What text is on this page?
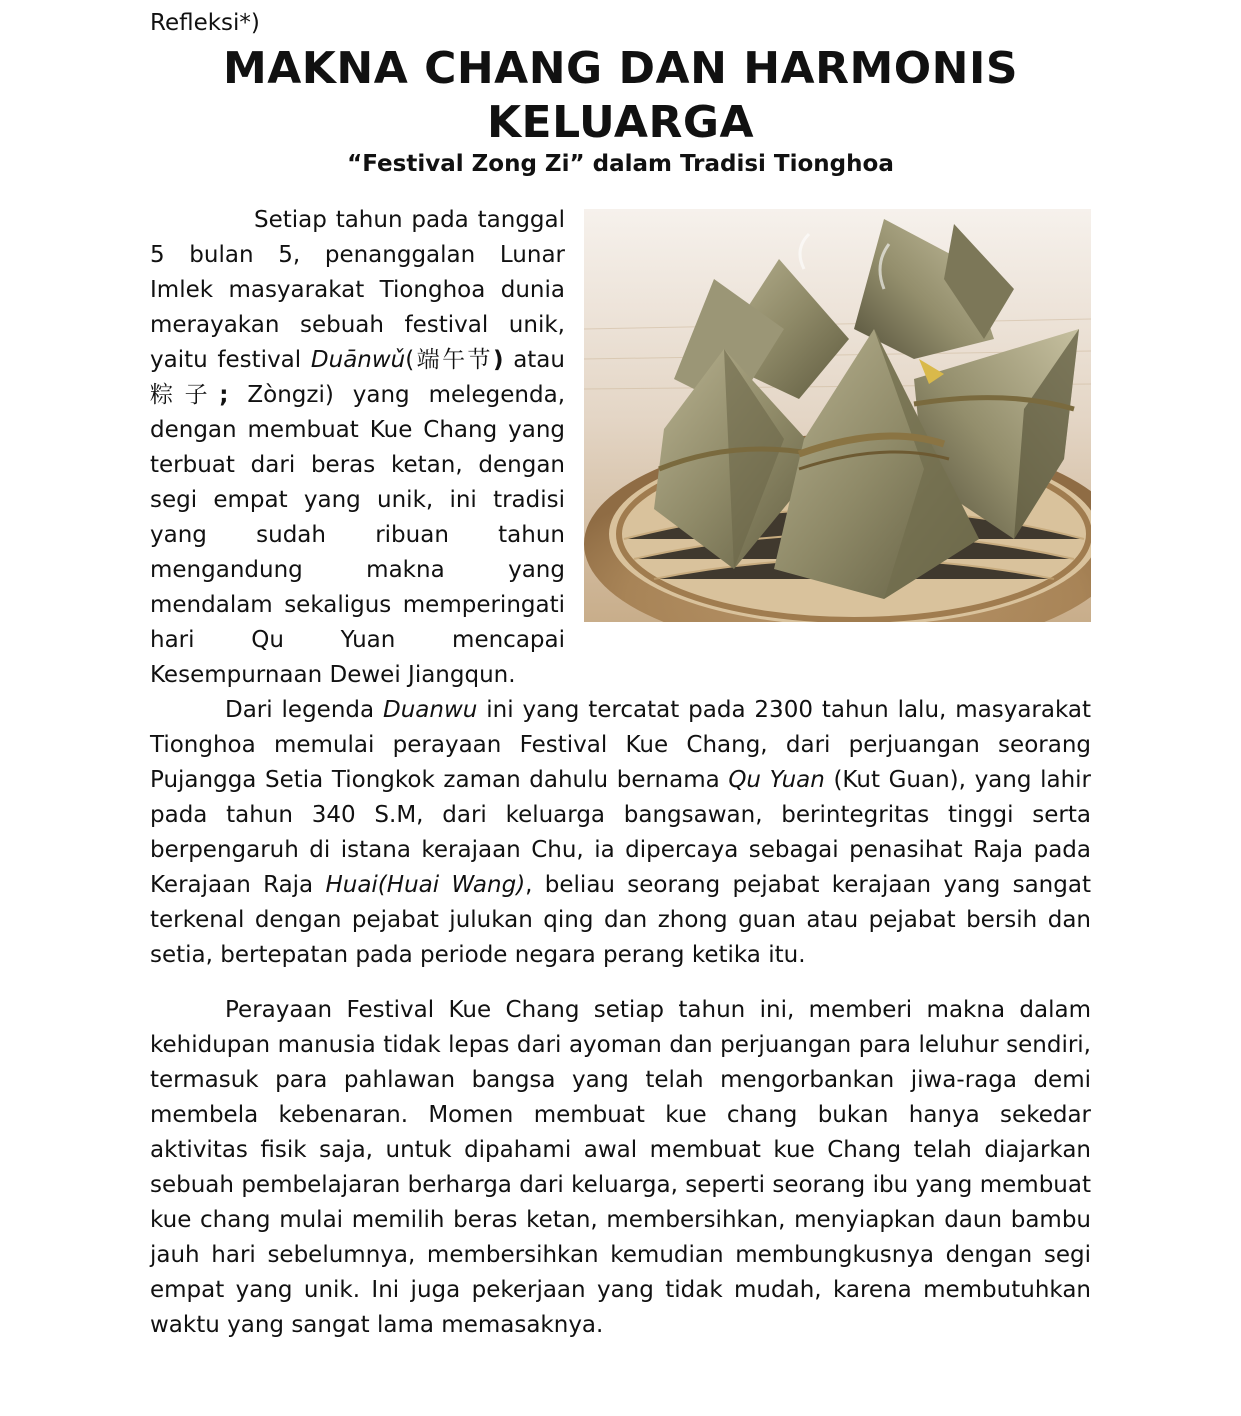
Refleksi*)
MAKNA CHANG DAN HARMONIS KELUARGA
“Festival Zong Zi” dalam Tradisi Tionghoa

Setiap tahun pada tanggal 5 bulan 5, penanggalan Lunar Imlek masyarakat Tionghoa dunia merayakan sebuah festival unik, yaitu festival Duānwǔ(端午节) atau 粽子; Zòngzi) yang melegenda, dengan membuat Kue Chang yang terbuat dari beras ketan, dengan segi empat yang unik, ini tradisi yang sudah ribuan tahun mengandung makna yang mendalam sekaligus memperingati hari Qu Yuan mencapai Kesempurnaan Dewei Jiangqun.

Dari legenda Duanwu ini yang tercatat pada 2300 tahun lalu, masyarakat Tionghoa memulai perayaan Festival Kue Chang, dari perjuangan seorang Pujangga Setia Tiongkok zaman dahulu bernama Qu Yuan (Kut Guan), yang lahir pada tahun 340 S.M, dari keluarga bangsawan, berintegritas tinggi serta berpengaruh di istana kerajaan Chu, ia dipercaya sebagai penasihat Raja pada Kerajaan Raja Huai(Huai Wang), beliau seorang pejabat kerajaan yang sangat terkenal dengan pejabat julukan qing dan zhong guan atau pejabat bersih dan setia, bertepatan pada periode negara perang ketika itu.

Perayaan Festival Kue Chang setiap tahun ini, memberi makna dalam kehidupan manusia tidak lepas dari ayoman dan perjuangan para leluhur sendiri, termasuk para pahlawan bangsa yang telah mengorbankan jiwa-raga demi membela kebenaran. Momen membuat kue chang bukan hanya sekedar aktivitas fisik saja, untuk dipahami awal membuat kue Chang telah diajarkan sebuah pembelajaran berharga dari keluarga, seperti seorang ibu yang membuat kue chang mulai memilih beras ketan, membersihkan, menyiapkan daun bambu jauh hari sebelumnya, membersihkan kemudian membungkusnya dengan segi empat yang unik. Ini juga pekerjaan yang tidak mudah, karena membutuhkan waktu yang sangat lama memasaknya.
